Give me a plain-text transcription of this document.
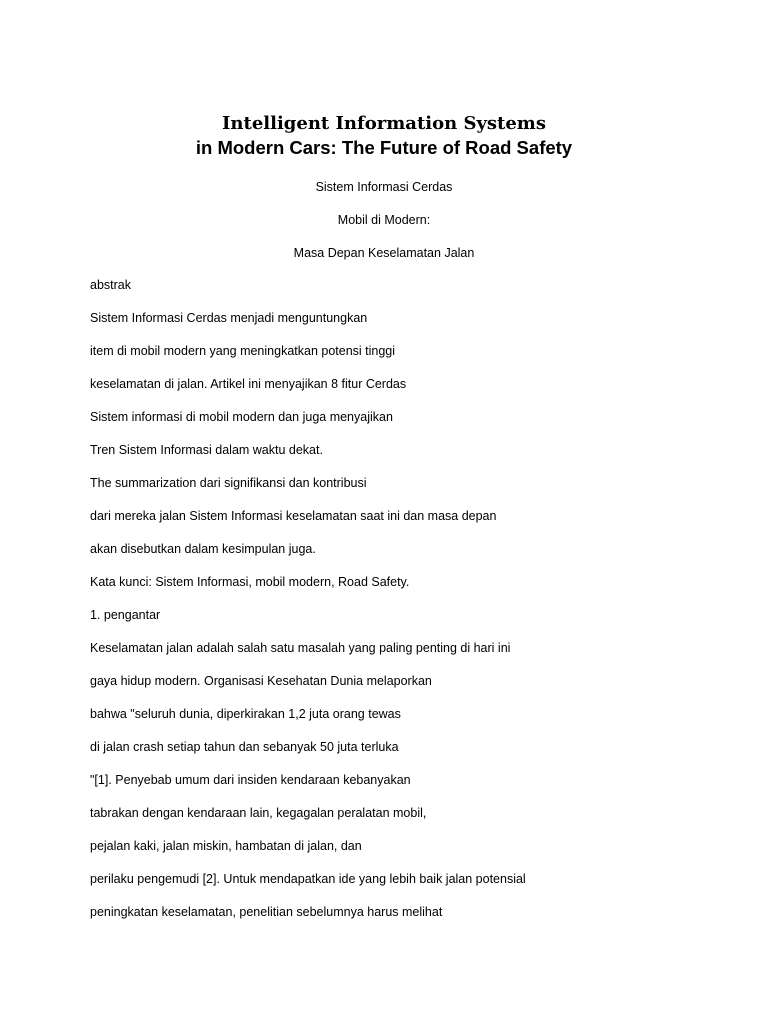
Intelligent Information Systems
in Modern Cars: The Future of Road Safety
Sistem Informasi Cerdas
Mobil di Modern:
Masa Depan Keselamatan Jalan
abstrak
Sistem Informasi Cerdas menjadi menguntungkan
item di mobil modern yang meningkatkan potensi tinggi
keselamatan di jalan. Artikel ini menyajikan 8 fitur Cerdas
Sistem informasi di mobil modern dan juga menyajikan
Tren Sistem Informasi dalam waktu dekat.
The summarization dari signifikansi dan kontribusi
dari mereka jalan Sistem Informasi keselamatan saat ini dan masa depan
akan disebutkan dalam kesimpulan juga.
Kata kunci: Sistem Informasi, mobil modern, Road Safety.
1. pengantar
Keselamatan jalan adalah salah satu masalah yang paling penting di hari ini
gaya hidup modern. Organisasi Kesehatan Dunia melaporkan
bahwa "seluruh dunia, diperkirakan 1,2 juta orang tewas
di jalan crash setiap tahun dan sebanyak 50 juta terluka
"[1]. Penyebab umum dari insiden kendaraan kebanyakan
tabrakan dengan kendaraan lain, kegagalan peralatan mobil,
pejalan kaki, jalan miskin, hambatan di jalan, dan
perilaku pengemudi [2]. Untuk mendapatkan ide yang lebih baik jalan potensial
peningkatan keselamatan, penelitian sebelumnya harus melihat
